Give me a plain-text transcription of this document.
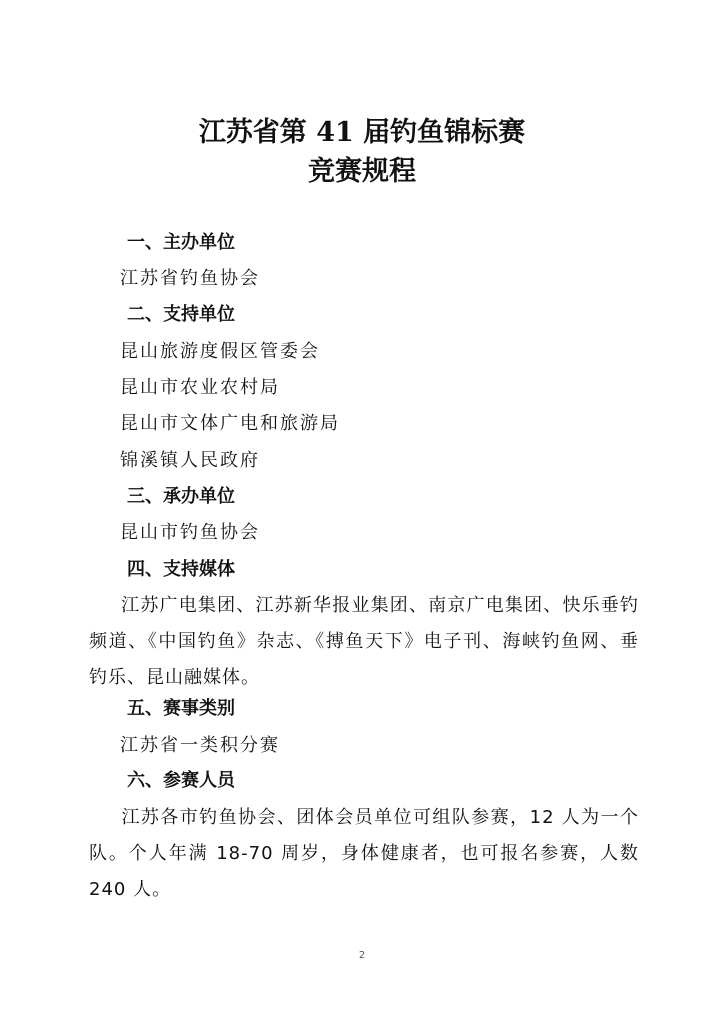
江苏省第 41 届钓鱼锦标赛
竞赛规程
一、主办单位
江苏省钓鱼协会
二、支持单位
昆山旅游度假区管委会
昆山市农业农村局
昆山市文体广电和旅游局
锦溪镇人民政府
三、承办单位
昆山市钓鱼协会
四、支持媒体
江苏广电集团、江苏新华报业集团、南京广电集团、快乐垂钓频道、《中国钓鱼》杂志、《搏鱼天下》电子刊、海峡钓鱼网、垂钓乐、昆山融媒体。
五、赛事类别
江苏省一类积分赛
六、参赛人员
江苏各市钓鱼协会、团体会员单位可组队参赛，12 人为一个队。个人年满 18-70 周岁，身体健康者，也可报名参赛，人数 240 人。
2
